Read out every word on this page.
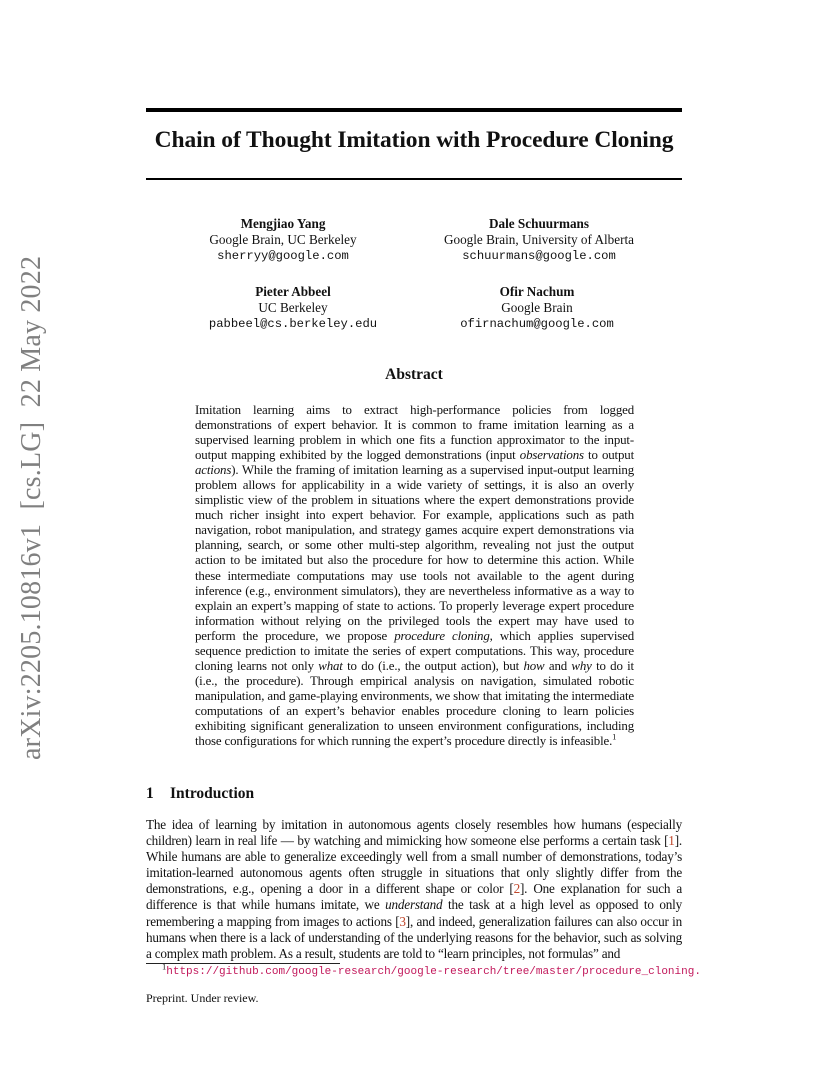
Chain of Thought Imitation with Procedure Cloning
Mengjiao Yang
Google Brain, UC Berkeley
sherryy@google.com
Dale Schuurmans
Google Brain, University of Alberta
schuurmans@google.com
Pieter Abbeel
UC Berkeley
pabbeel@cs.berkeley.edu
Ofir Nachum
Google Brain
ofirnachum@google.com
Abstract

Imitation learning aims to extract high-performance policies from logged demonstrations of expert behavior. It is common to frame imitation learning as a supervised learning problem in which one fits a function approximator to the input-output mapping exhibited by the logged demonstrations (input observations to output actions). While the framing of imitation learning as a supervised input-output learning problem allows for applicability in a wide variety of settings, it is also an overly simplistic view of the problem in situations where the expert demonstrations provide much richer insight into expert behavior. For example, applications such as path navigation, robot manipulation, and strategy games acquire expert demonstrations via planning, search, or some other multi-step algorithm, revealing not just the output action to be imitated but also the procedure for how to determine this action. While these intermediate computations may use tools not available to the agent during inference (e.g., environment simulators), they are nevertheless informative as a way to explain an expert’s mapping of state to actions. To properly leverage expert procedure information without relying on the privileged tools the expert may have used to perform the procedure, we propose procedure cloning, which applies supervised sequence prediction to imitate the series of expert computations. This way, procedure cloning learns not only what to do (i.e., the output action), but how and why to do it (i.e., the procedure). Through empirical analysis on navigation, simulated robotic manipulation, and game-playing environments, we show that imitating the intermediate computations of an expert’s behavior enables procedure cloning to learn policies exhibiting significant generalization to unseen environment configurations, including those configurations for which running the expert’s procedure directly is infeasible.$^1$

1 Introduction

The idea of learning by imitation in autonomous agents closely resembles how humans (especially children) learn in real life — by watching and mimicking how someone else performs a certain task [1]. While humans are able to generalize exceedingly well from a small number of demonstrations, today’s imitation-learned autonomous agents often struggle in situations that only slightly differ from the demonstrations, e.g., opening a door in a different shape or color [2]. One explanation for such a difference is that while humans imitate, we understand the task at a high level as opposed to only remembering a mapping from images to actions [3], and indeed, generalization failures can also occur in humans when there is a lack of understanding of the underlying reasons for the behavior, such as solving a complex math problem. As a result, students are told to “learn principles, not formulas” and

$^1$https://github.com/google-research/google-research/tree/master/procedure_cloning.
Preprint. Under review.
arXiv:2205.10816v1  [cs.LG]  22 May 2022
